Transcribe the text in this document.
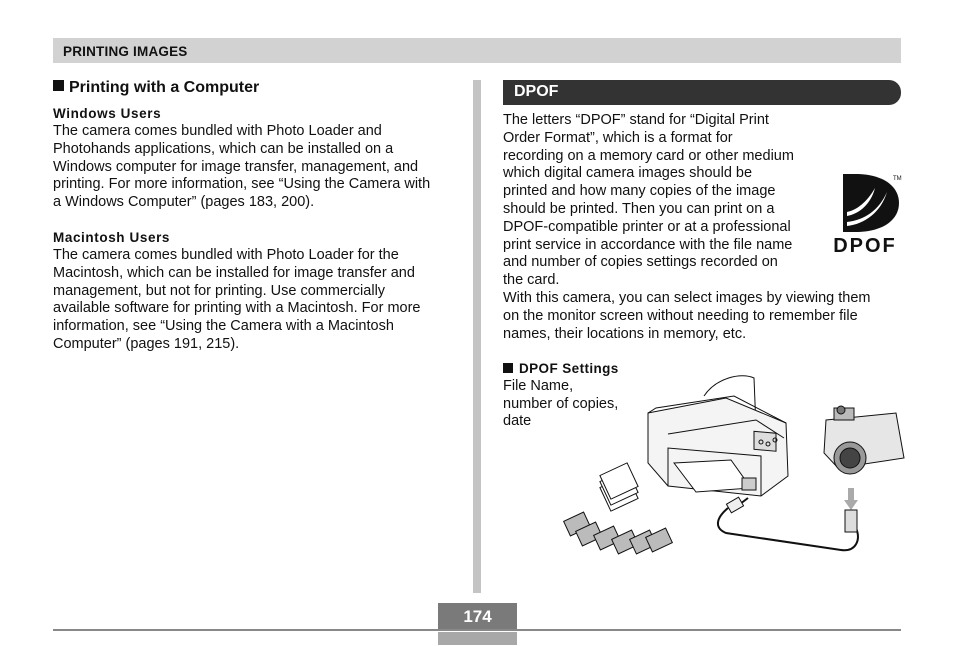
PRINTING IMAGES
Printing with a Computer
Windows Users
The camera comes bundled with Photo Loader and
Photohands applications, which can be installed on a
Windows computer for image transfer, management, and
printing. For more information, see “Using the Camera with
a Windows Computer” (pages 183, 200).
Macintosh Users
The camera comes bundled with Photo Loader for the
Macintosh, which can be installed for image transfer and
management, but not for printing. Use commercially
available software for printing with a Macintosh. For more
information, see “Using the Camera with a Macintosh
Computer” (pages 191, 215).
DPOF
The letters “DPOF” stand for “Digital Print
Order Format”, which is a format for
recording on a memory card or other medium
which digital camera images should be
printed and how many copies of the image
should be printed. Then you can print on a
DPOF-compatible printer or at a professional
print service in accordance with the file name
and number of copies settings recorded on
the card.
With this camera, you can select images by viewing them
on the monitor screen without needing to remember file
names, their locations in memory, etc.
DPOF Settings
File Name,
number of copies,
date
TM
DPOF
174
